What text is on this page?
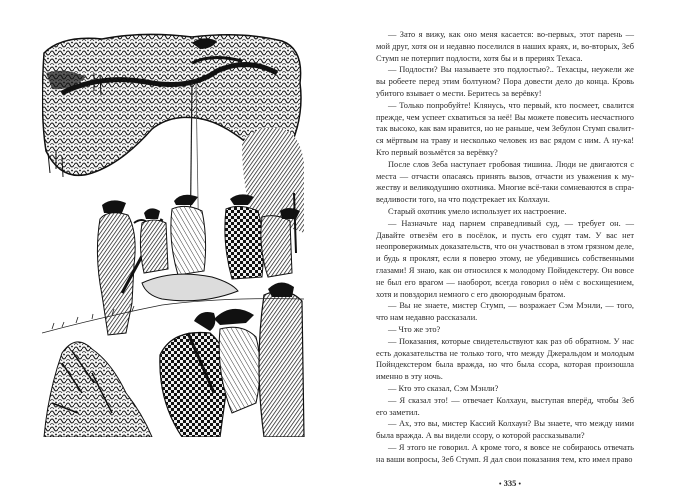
— Зато я вижу, как оно меня касается: во-первых, этот парень — мой друг, хотя он и недавно поселился в наших краях, и, во-вторых, Зеб Стумп не потерпит подлости, хотя бы и в прериях Техаса.

— Подлости? Вы называете это подлостью?.. Техасцы, неужели же вы робеете перед этим болтуном? Пора довести дело до конца. Кровь убитого взывает о мести. Беритесь за верёвку!

— Только попробуйте! Клянусь, что первый, кто посмеет, свалится прежде, чем успеет схватиться за неё! Вы можете повесить несчастного так высоко, как вам нравится, но не раньше, чем Зебулон Стумп свалится мёртвым на траву и несколько человек из вас рядом с ним. А ну-ка! Кто первый возьмётся за верёвку?

После слов Зеба наступает гробовая тишина. Люди не двигаются с места — отчасти опасаясь принять вызов, отчасти из уважения к мужеству и великодушию охотника. Многие всё-таки сомневаются в справедливости того, на что подстрекает их Колхаун.

Старый охотник умело использует их настроение.

— Назначьте над парнем справедливый суд, — требует он. — Давайте отвезём его в посёлок, и пусть его судят там. У вас нет неопровержимых доказательств, что он участвовал в этом грязном деле, и будь я проклят, если я поверю этому, не убедившись собственными глазами! Я знаю, как он относился к молодому Пойндекстеру. Он вовсе не был его врагом — наоборот, всегда говорил о нём с восхищением, хотя и повздорил немного с его двоюродным братом.

— Вы не знаете, мистер Стумп, — возражает Сэм Мэнли, — того, что нам недавно рассказали.

— Что же это?

— Показания, которые свидетельствуют как раз об обратном. У нас есть доказательства не только того, что между Джеральдом и молодым Пойндекстером была вражда, но что была ссора, которая произошла именно в эту ночь.

— Кто это сказал, Сэм Мэнли?

— Я сказал это! — отвечает Колхаун, выступая вперёд, чтобы Зеб его заметил.

— Ах, это вы, мистер Кассий Колхаун? Вы знаете, что между ними была вражда. А вы видели ссору, о которой рассказывали?

— Я этого не говорил. А кроме того, я вовсе не собираюсь отвечать на ваши вопросы, Зеб Стумп. Я дал свои показания тем, кто имел право

• 335 •
